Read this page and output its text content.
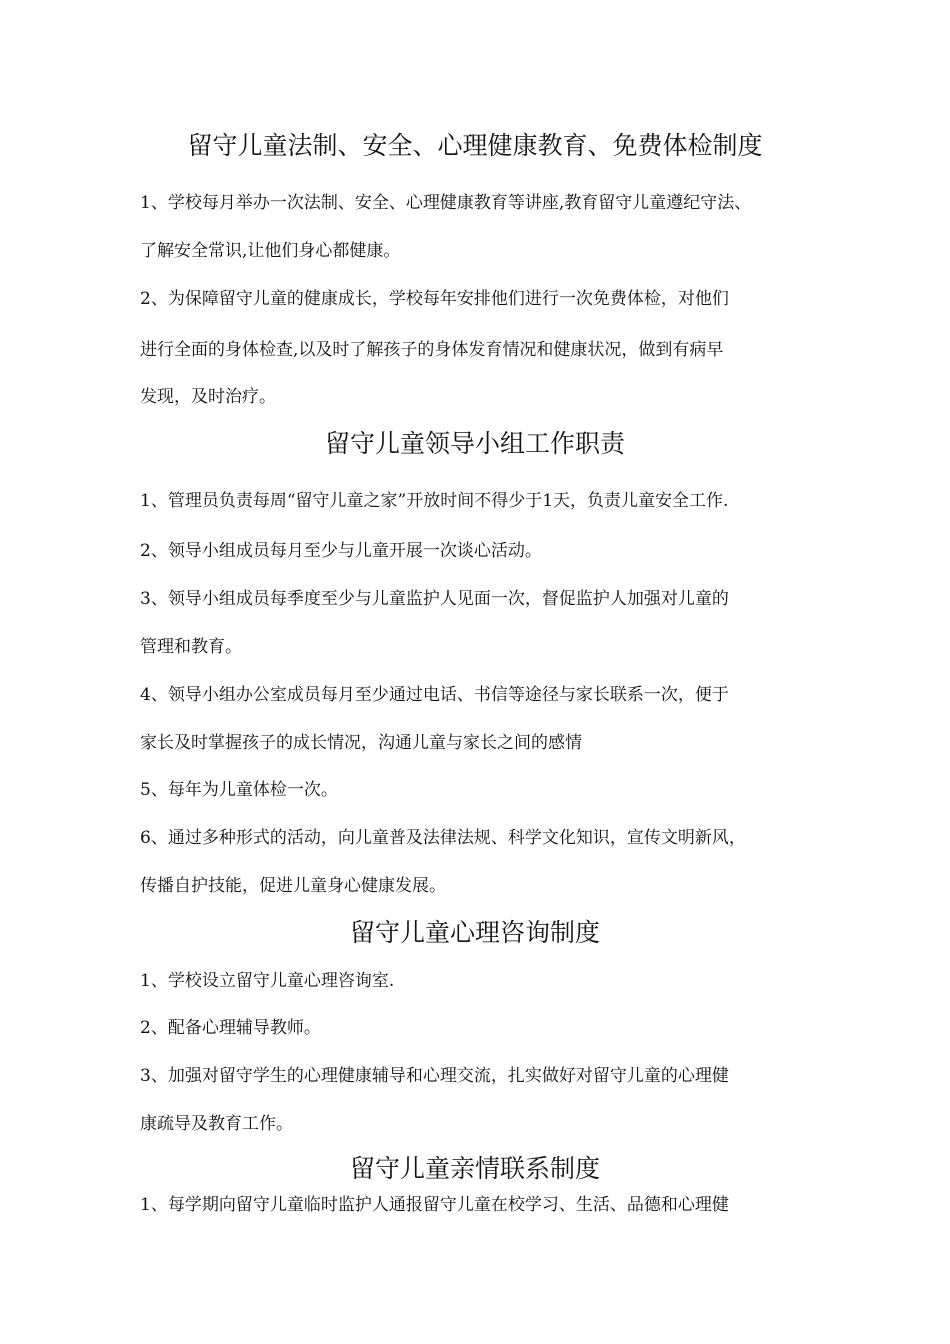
留守儿童法制、安全、心理健康教育、免费体检制度
1、学校每月举办一次法制、安全、心理健康教育等讲座,教育留守儿童遵纪守法、
了解安全常识,让他们身心都健康。
2、为保障留守儿童的健康成长，学校每年安排他们进行一次免费体检，对他们
进行全面的身体检查,以及时了解孩子的身体发育情况和健康状况，做到有病早
发现，及时治疗。
留守儿童领导小组工作职责
1、管理员负责每周“留守儿童之家”开放时间不得少于1天，负责儿童安全工作.
2、领导小组成员每月至少与儿童开展一次谈心活动。
3、领导小组成员每季度至少与儿童监护人见面一次，督促监护人加强对儿童的
管理和教育。
4、领导小组办公室成员每月至少通过电话、书信等途径与家长联系一次，便于
家长及时掌握孩子的成长情况，沟通儿童与家长之间的感情
5、每年为儿童体检一次。
6、通过多种形式的活动，向儿童普及法律法规、科学文化知识，宣传文明新风，
传播自护技能，促进儿童身心健康发展。
留守儿童心理咨询制度
1、学校设立留守儿童心理咨询室.
2、配备心理辅导教师。
3、加强对留守学生的心理健康辅导和心理交流，扎实做好对留守儿童的心理健
康疏导及教育工作。
留守儿童亲情联系制度
1、每学期向留守儿童临时监护人通报留守儿童在校学习、生活、品德和心理健
